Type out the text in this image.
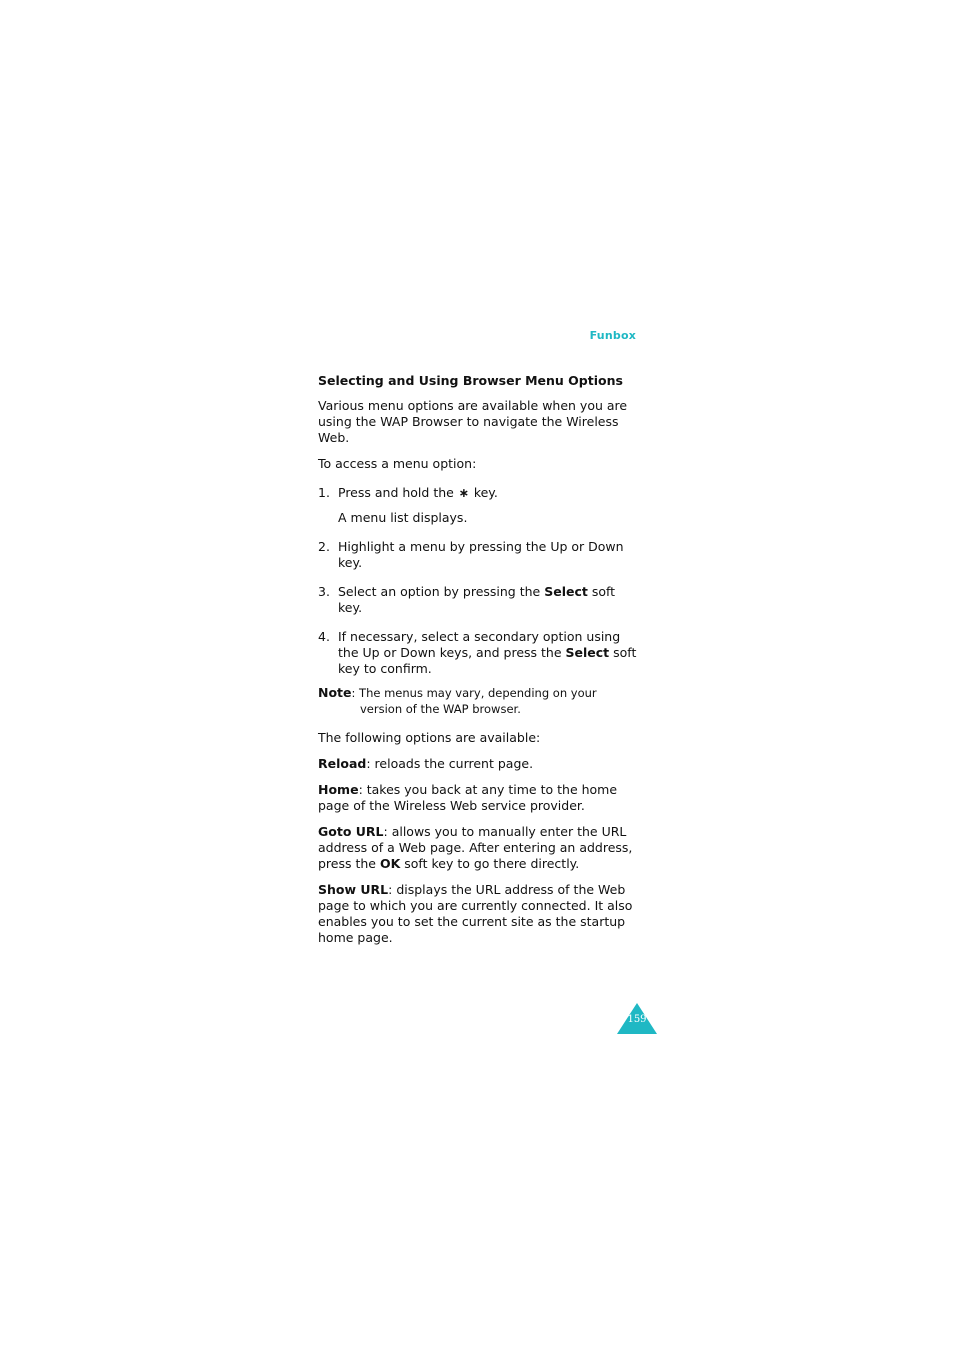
Funbox

Selecting and Using Browser Menu Options

Various menu options are available when you are using the WAP Browser to navigate the Wireless Web.

To access a menu option:

1. Press and hold the ∗ key.

A menu list displays.

2. Highlight a menu by pressing the Up or Down key.
3. Select an option by pressing the Select soft key.
4. If necessary, select a secondary option using the Up or Down keys, and press the Select soft key to confirm.
Note: The menus may vary, depending on your
version of the WAP browser.

The following options are available:

Reload: reloads the current page.

Home: takes you back at any time to the home page of the Wireless Web service provider.

Goto URL: allows you to manually enter the URL address of a Web page. After entering an address, press the OK soft key to go there directly.

Show URL: displays the URL address of the Web page to which you are currently connected. It also enables you to set the current site as the startup home page.

159
